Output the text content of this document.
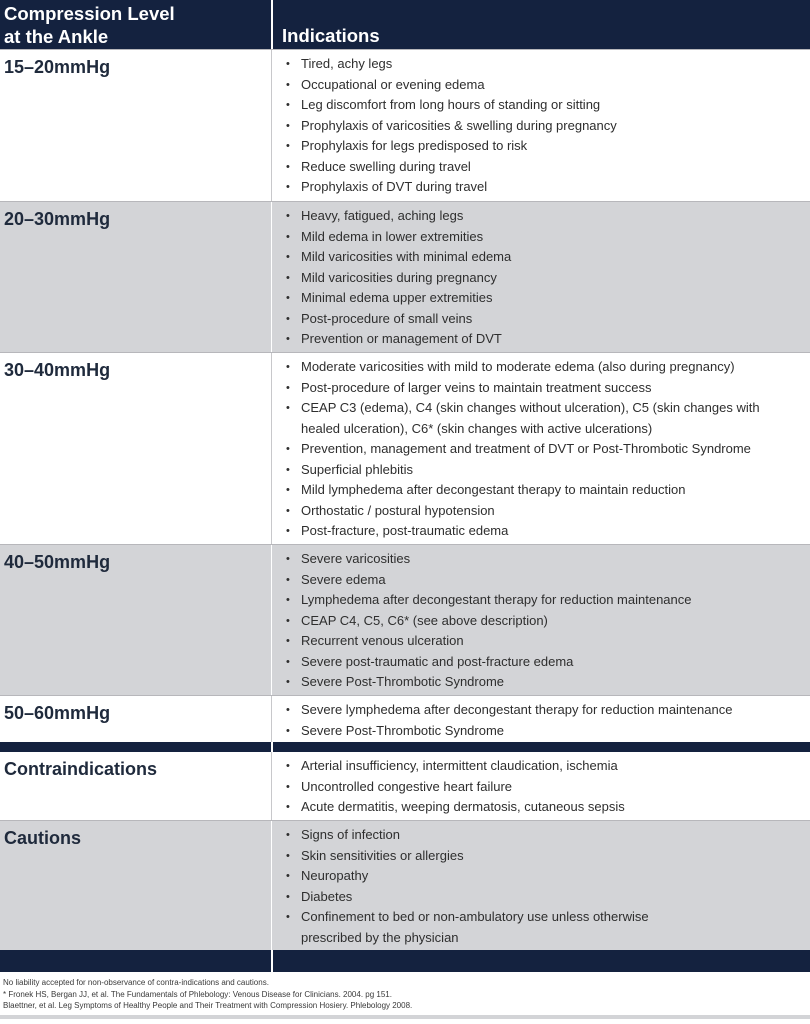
Compression Level
at the Ankle	Indications
15–20mmHg	• Tired, achy legs
• Occupational or evening edema
• Leg discomfort from long hours of standing or sitting
• Prophylaxis of varicosities & swelling during pregnancy
• Prophylaxis for legs predisposed to risk
• Reduce swelling during travel
• Prophylaxis of DVT during travel
20–30mmHg	• Heavy, fatigued, aching legs
• Mild edema in lower extremities
• Mild varicosities with minimal edema
• Mild varicosities during pregnancy
• Minimal edema upper extremities
• Post-procedure of small veins
• Prevention or management of DVT
30–40mmHg	• Moderate varicosities with mild to moderate edema (also during pregnancy)
• Post-procedure of larger veins to maintain treatment success
• CEAP C3 (edema), C4 (skin changes without ulceration), C5 (skin changes with healed ulceration), C6* (skin changes with active ulcerations)
• Prevention, management and treatment of DVT or Post-Thrombotic Syndrome
• Superficial phlebitis
• Mild lymphedema after decongestant therapy to maintain reduction
• Orthostatic / postural hypotension
• Post-fracture, post-traumatic edema
40–50mmHg	• Severe varicosities
• Severe edema
• Lymphedema after decongestant therapy for reduction maintenance
• CEAP C4, C5, C6* (see above description)
• Recurrent venous ulceration
• Severe post-traumatic and post-fracture edema
• Severe Post-Thrombotic Syndrome
50–60mmHg	• Severe lymphedema after decongestant therapy for reduction maintenance
• Severe Post-Thrombotic Syndrome
Contraindications	• Arterial insufficiency, intermittent claudication, ischemia
• Uncontrolled congestive heart failure
• Acute dermatitis, weeping dermatosis, cutaneous sepsis
Cautions	• Signs of infection
• Skin sensitivities or allergies
• Neuropathy
• Diabetes
• Confinement to bed or non-ambulatory use unless otherwise prescribed by the physician
No liability accepted for non-observance of contra-indications and cautions.
* Fronek HS, Bergan JJ, et al. The Fundamentals of Phlebology: Venous Disease for Clinicians. 2004. pg 151.
Blaettner, et al. Leg Symptoms of Healthy People and Their Treatment with Compression Hosiery. Phlebology 2008.
